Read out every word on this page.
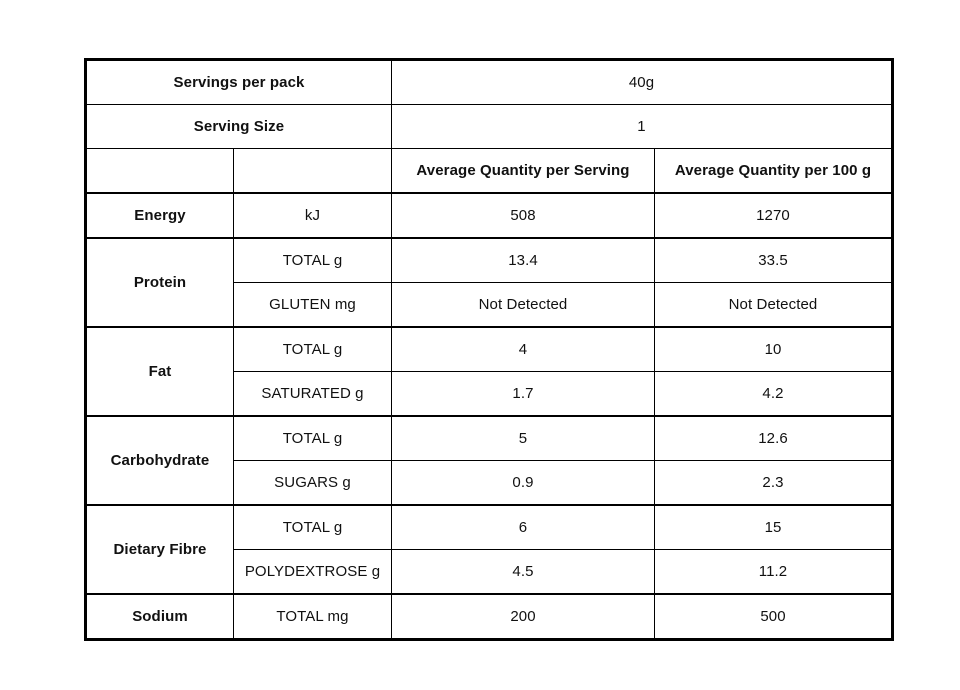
Servings per pack		40g	
Serving Size		1	
		Average Quantity per Serving	Average Quantity per 100 g
Energy	kJ	508	1270
Protein	TOTAL g	13.4	33.5
	GLUTEN mg	Not Detected	Not Detected
Fat	TOTAL g	4	10
	SATURATED g	1.7	4.2
Carbohydrate	TOTAL g	5	12.6
	SUGARS g	0.9	2.3
Dietary Fibre	TOTAL g	6	15
	POLYDEXTROSE g	4.5	11.2
Sodium	TOTAL mg	200	500
